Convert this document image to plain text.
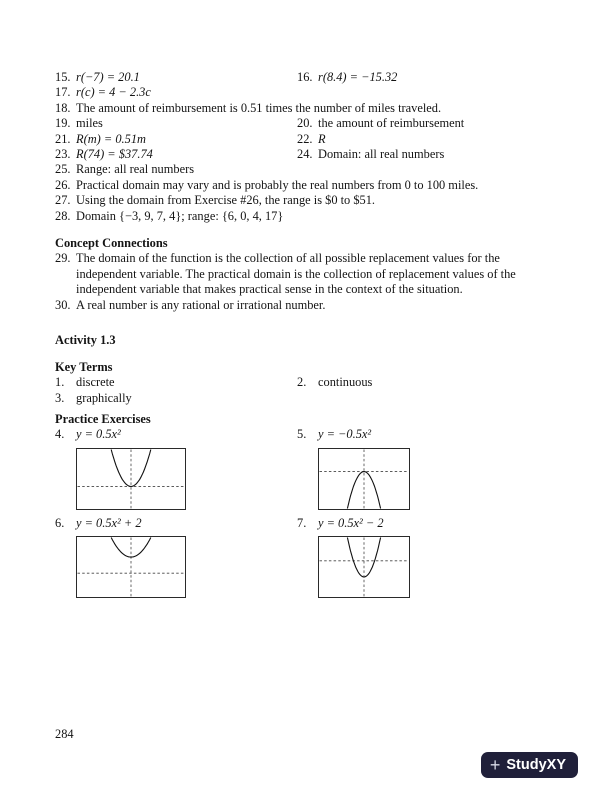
15. r(−7) = 20.1	16. r(8.4) = −15.32
17. r(c) = 4 − 2.3c
18. The amount of reimbursement is 0.51 times the number of miles traveled.
19. miles	20. the amount of reimbursement
21. R(m) = 0.51m	22. R
23. R(74) = $37.74	24. Domain: all real numbers
25. Range: all real numbers
26. Practical domain may vary and is probably the real numbers from 0 to 100 miles.
27. Using the domain from Exercise #26, the range is $0 to $51.
28. Domain {−3, 9, 7, 4}; range: {6, 0, 4, 17}
Concept Connections
29. The domain of the function is the collection of all possible replacement values for the independent variable. The practical domain is the collection of replacement values of the independent variable that makes practical sense in the context of the situation.
30. A real number is any rational or irrational number.
Activity 1.3
Key Terms
1. discrete	2. continuous
3. graphically
Practice Exercises
4. y = 0.5x²	5. y = −0.5x²
6. y = 0.5x² + 2	7. y = 0.5x² − 2
284
+ StudyXY
